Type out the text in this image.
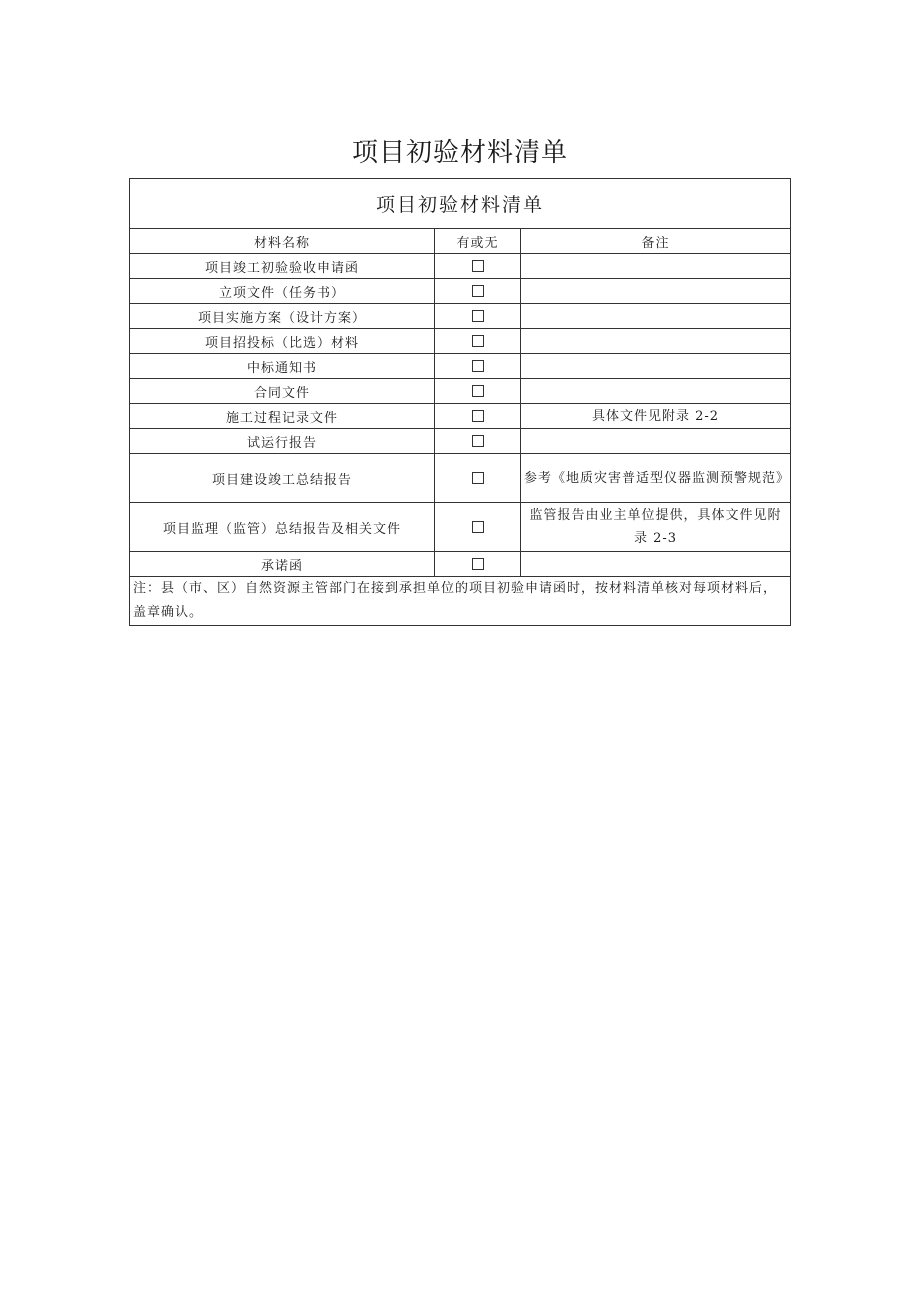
项目初验材料清单
项目初验材料清单		
材料名称	有或无	备注
项目竣工初验验收申请函		
立项文件（任务书）		
项目实施方案（设计方案）		
项目招投标（比选）材料		
中标通知书		
合同文件		
施工过程记录文件		具体文件见附录 2-2
试运行报告		
项目建设竣工总结报告		参考《地质灾害普适型仪器监测预警规范》
项目监理（监管）总结报告及相关文件		监管报告由业主单位提供，具体文件见附录 2-3
承诺函		
注：县（市、区）自然资源主管部门在接到承担单位的项目初验申请函时，按材料清单核对每项材料后，盖章确认。		
